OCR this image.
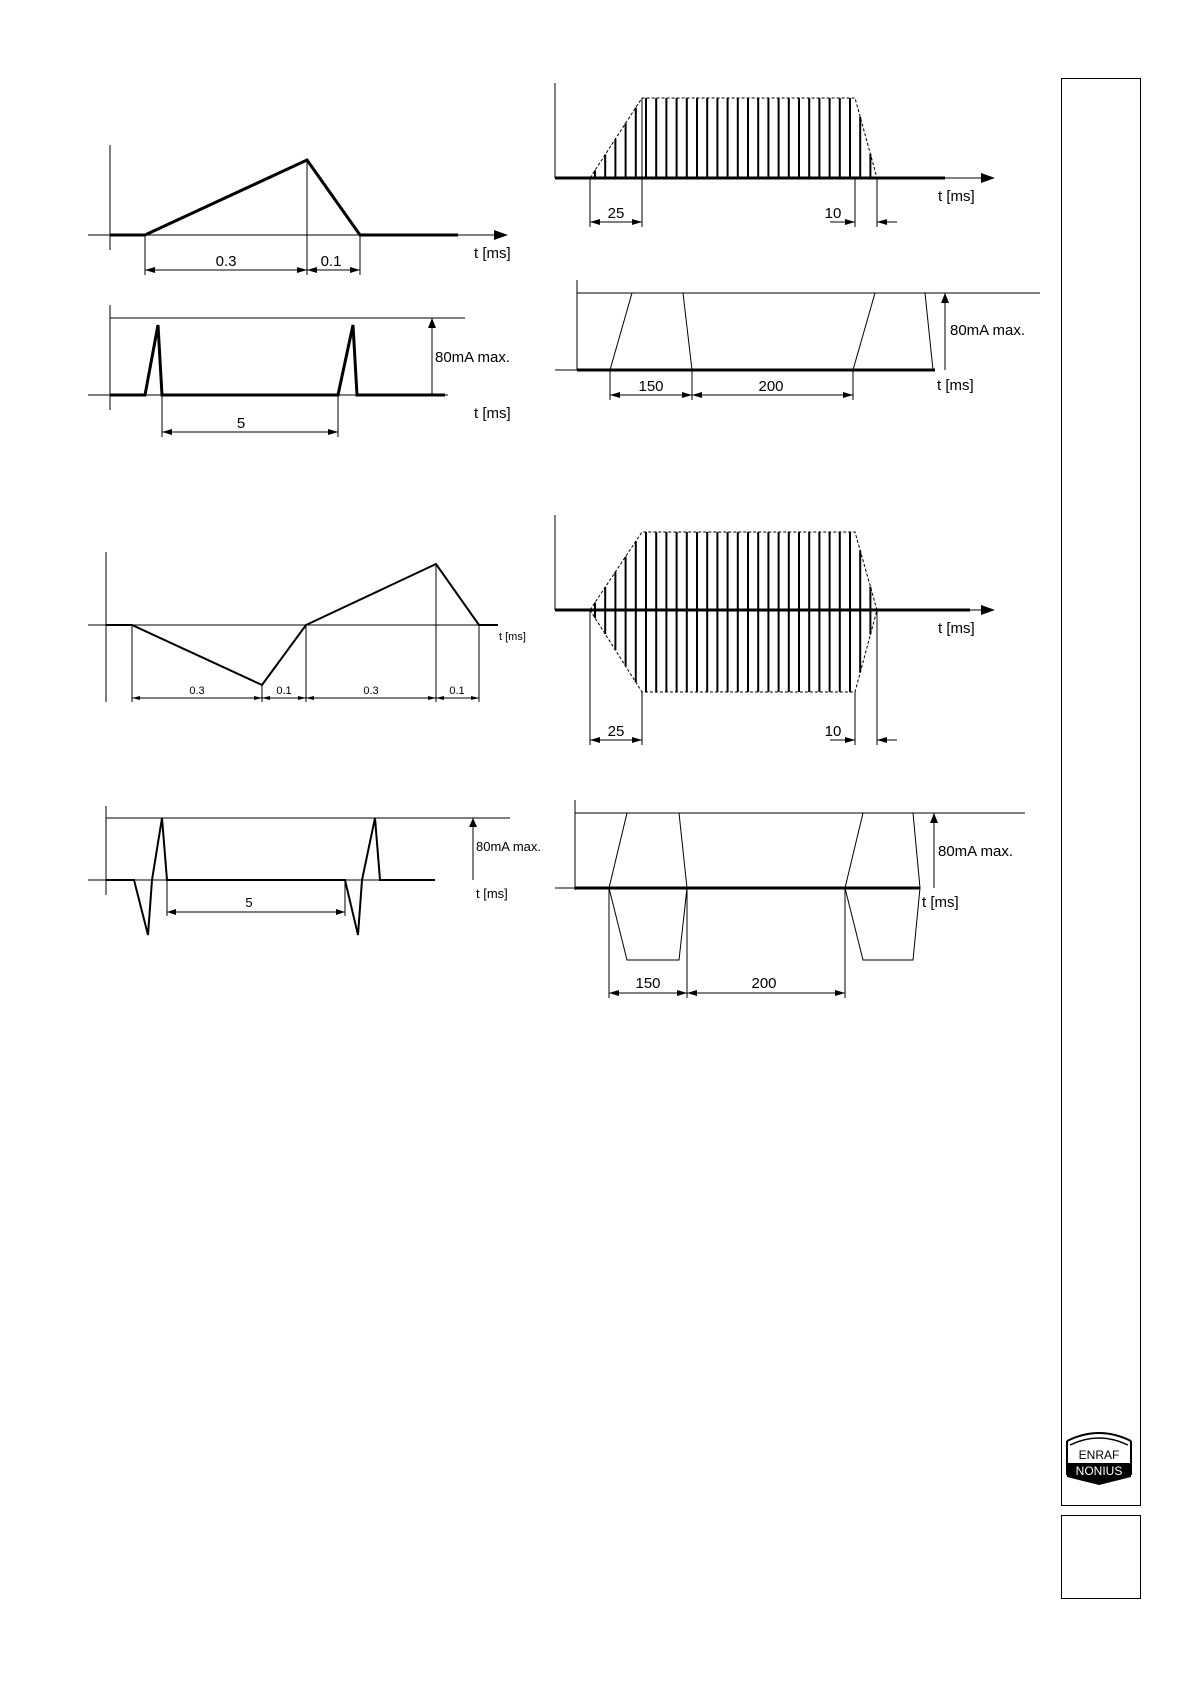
0.3	0.1	t [ms]
5
80mA max.
t [ms]
0.3	0.1	0.3	0.1
t [ms]
5
80mA max.
t [ms]
25	10
t [ms]
150	200
80mA max.
t [ms]
25	10
t [ms]
150	200
80mA max.
t [ms]
ENRAF
NONIUS
